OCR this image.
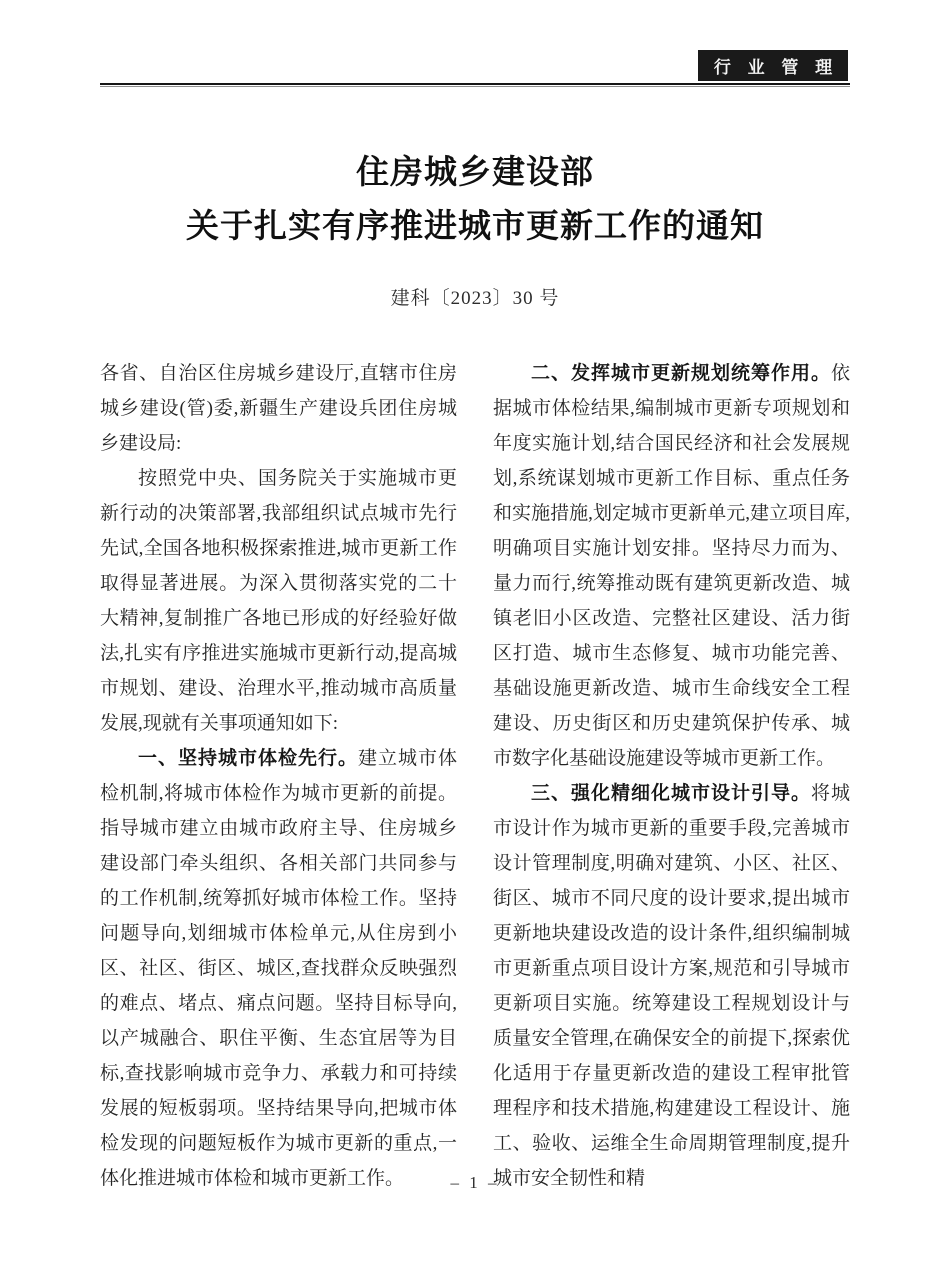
行 业 管 理
住房城乡建设部
关于扎实有序推进城市更新工作的通知
建科〔2023〕30 号

各省、自治区住房城乡建设厅,直辖市住房城乡建设(管)委,新疆生产建设兵团住房城乡建设局:

按照党中央、国务院关于实施城市更新行动的决策部署,我部组织试点城市先行先试,全国各地积极探索推进,城市更新工作取得显著进展。为深入贯彻落实党的二十大精神,复制推广各地已形成的好经验好做法,扎实有序推进实施城市更新行动,提高城市规划、建设、治理水平,推动城市高质量发展,现就有关事项通知如下:

一、坚持城市体检先行。建立城市体检机制,将城市体检作为城市更新的前提。指导城市建立由城市政府主导、住房城乡建设部门牵头组织、各相关部门共同参与的工作机制,统筹抓好城市体检工作。坚持问题导向,划细城市体检单元,从住房到小区、社区、街区、城区,查找群众反映强烈的难点、堵点、痛点问题。坚持目标导向,以产城融合、职住平衡、生态宜居等为目标,查找影响城市竞争力、承载力和可持续发展的短板弱项。坚持结果导向,把城市体检发现的问题短板作为城市更新的重点,一体化推进城市体检和城市更新工作。

二、发挥城市更新规划统筹作用。依据城市体检结果,编制城市更新专项规划和年度实施计划,结合国民经济和社会发展规划,系统谋划城市更新工作目标、重点任务和实施措施,划定城市更新单元,建立项目库,明确项目实施计划安排。坚持尽力而为、量力而行,统筹推动既有建筑更新改造、城镇老旧小区改造、完整社区建设、活力街区打造、城市生态修复、城市功能完善、基础设施更新改造、城市生命线安全工程建设、历史街区和历史建筑保护传承、城市数字化基础设施建设等城市更新工作。

三、强化精细化城市设计引导。将城市设计作为城市更新的重要手段,完善城市设计管理制度,明确对建筑、小区、社区、街区、城市不同尺度的设计要求,提出城市更新地块建设改造的设计条件,组织编制城市更新重点项目设计方案,规范和引导城市更新项目实施。统筹建设工程规划设计与质量安全管理,在确保安全的前提下,探索优化适用于存量更新改造的建设工程审批管理程序和技术措施,构建建设工程设计、施工、验收、运维全生命周期管理制度,提升城市安全韧性和精

– 1 –
